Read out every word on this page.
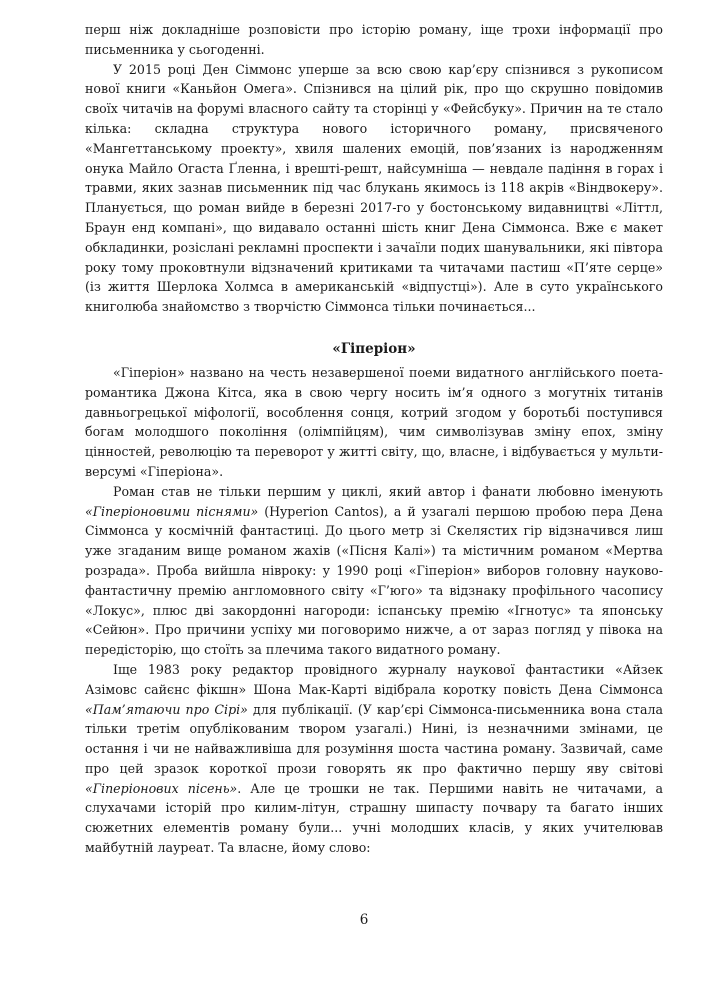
перш ніж докладніше розповісти про історію роману, іще трохи інформації про письменника у сьогоденні.

У 2015 році Ден Сіммонс уперше за всю свою кар’єру спізнився з рукописом нової книги «Каньйон Омега». Спізнився на цілий рік, про що скрушно повідомив своїх читачів на форумі власного сайту та сторінці у «Фейсбуку». Причин на те стало кілька: складна структура нового історичного роману, присвяченого «Мангеттанському проекту», хвиля шалених емоцій, пов’язаних із народженням онука Майло Огаста Ґленна, і врешті-решт, найсумніша — невдале падіння в горах і травми, яких зазнав письменник під час блукань якимось із 118 акрів «Віндвокеру». Планується, що роман вийде в березні 2017-го у бостонському видавництві «Літтл, Браун енд компані», що видавало останні шість книг Дена Сіммонса. Вже є макет обкладинки, розіслані рекламні проспекти і зачаїли подих шанувальники, які півтора року тому проковтнули відзначений критиками та читачами пастиш «П’яте серце» (із життя Шерлока Холмса в американській «відпустці»). Але в суто українського книголюба знайомство з творчістю Сіммонса тільки починається...

«Гіперіон»

«Гіперіон» названо на честь незавершеної поеми видатного англійського поета-романтика Джона Кітса, яка в свою чергу носить ім’я одного з могутніх титанів давньогрецької міфології, вособлення сонця, котрий згодом у боротьбі поступився богам молодшого покоління (олімпійцям), чим символізував зміну епох, зміну цінностей, революцію та переворот у житті світу, що, власне, і відбувається у мульти-версумі «Гіперіона».

Роман став не тільки першим у циклі, який автор і фанати любовно іменують «Гіперіоновими піснями» (Hyperion Cantos), а й узагалі першою пробою пера Дена Сіммонса у космічній фантастиці. До цього метр зі Скелястих гір відзначився лиш уже згаданим вище романом жахів («Пісня Калі») та містичним романом «Мертва розрада». Проба вийшла нівроку: у 1990 році «Гіперіон» виборов головну науково-фантастичну премію англомовного світу «Г’юго» та відзнаку профільного часопису «Локус», плюс дві закордонні нагороди: іспанську премію «Ігнотус» та японську «Сейюн». Про причини успіху ми поговоримо нижче, а от зараз погляд у півока на передісторію, що стоїть за плечима такого видатного роману.

Іще 1983 року редактор провідного журналу наукової фантастики «Айзек Азімовс сайєнс фікшн» Шона Мак-Карті відібрала коротку повість Дена Сіммонса «Пам’ятаючи про Сірі» для публікації. (У кар’єрі Сіммонса-письменника вона стала тільки третім опублікованим твором узагалі.) Нині, із незначними змінами, це остання і чи не найважливіша для розуміння шоста частина роману. Зазвичай, саме про цей зразок короткої прози говорять як про фактично першу яву світові «Гіперіонових пісень». Але це трошки не так. Першими навіть не читачами, а слухачами історій про килим-літун, страшну шипасту почвару та багато інших сюжетних елементів роману були... учні молодших класів, у яких учителював майбутній лауреат. Та власне, йому слово:

6
